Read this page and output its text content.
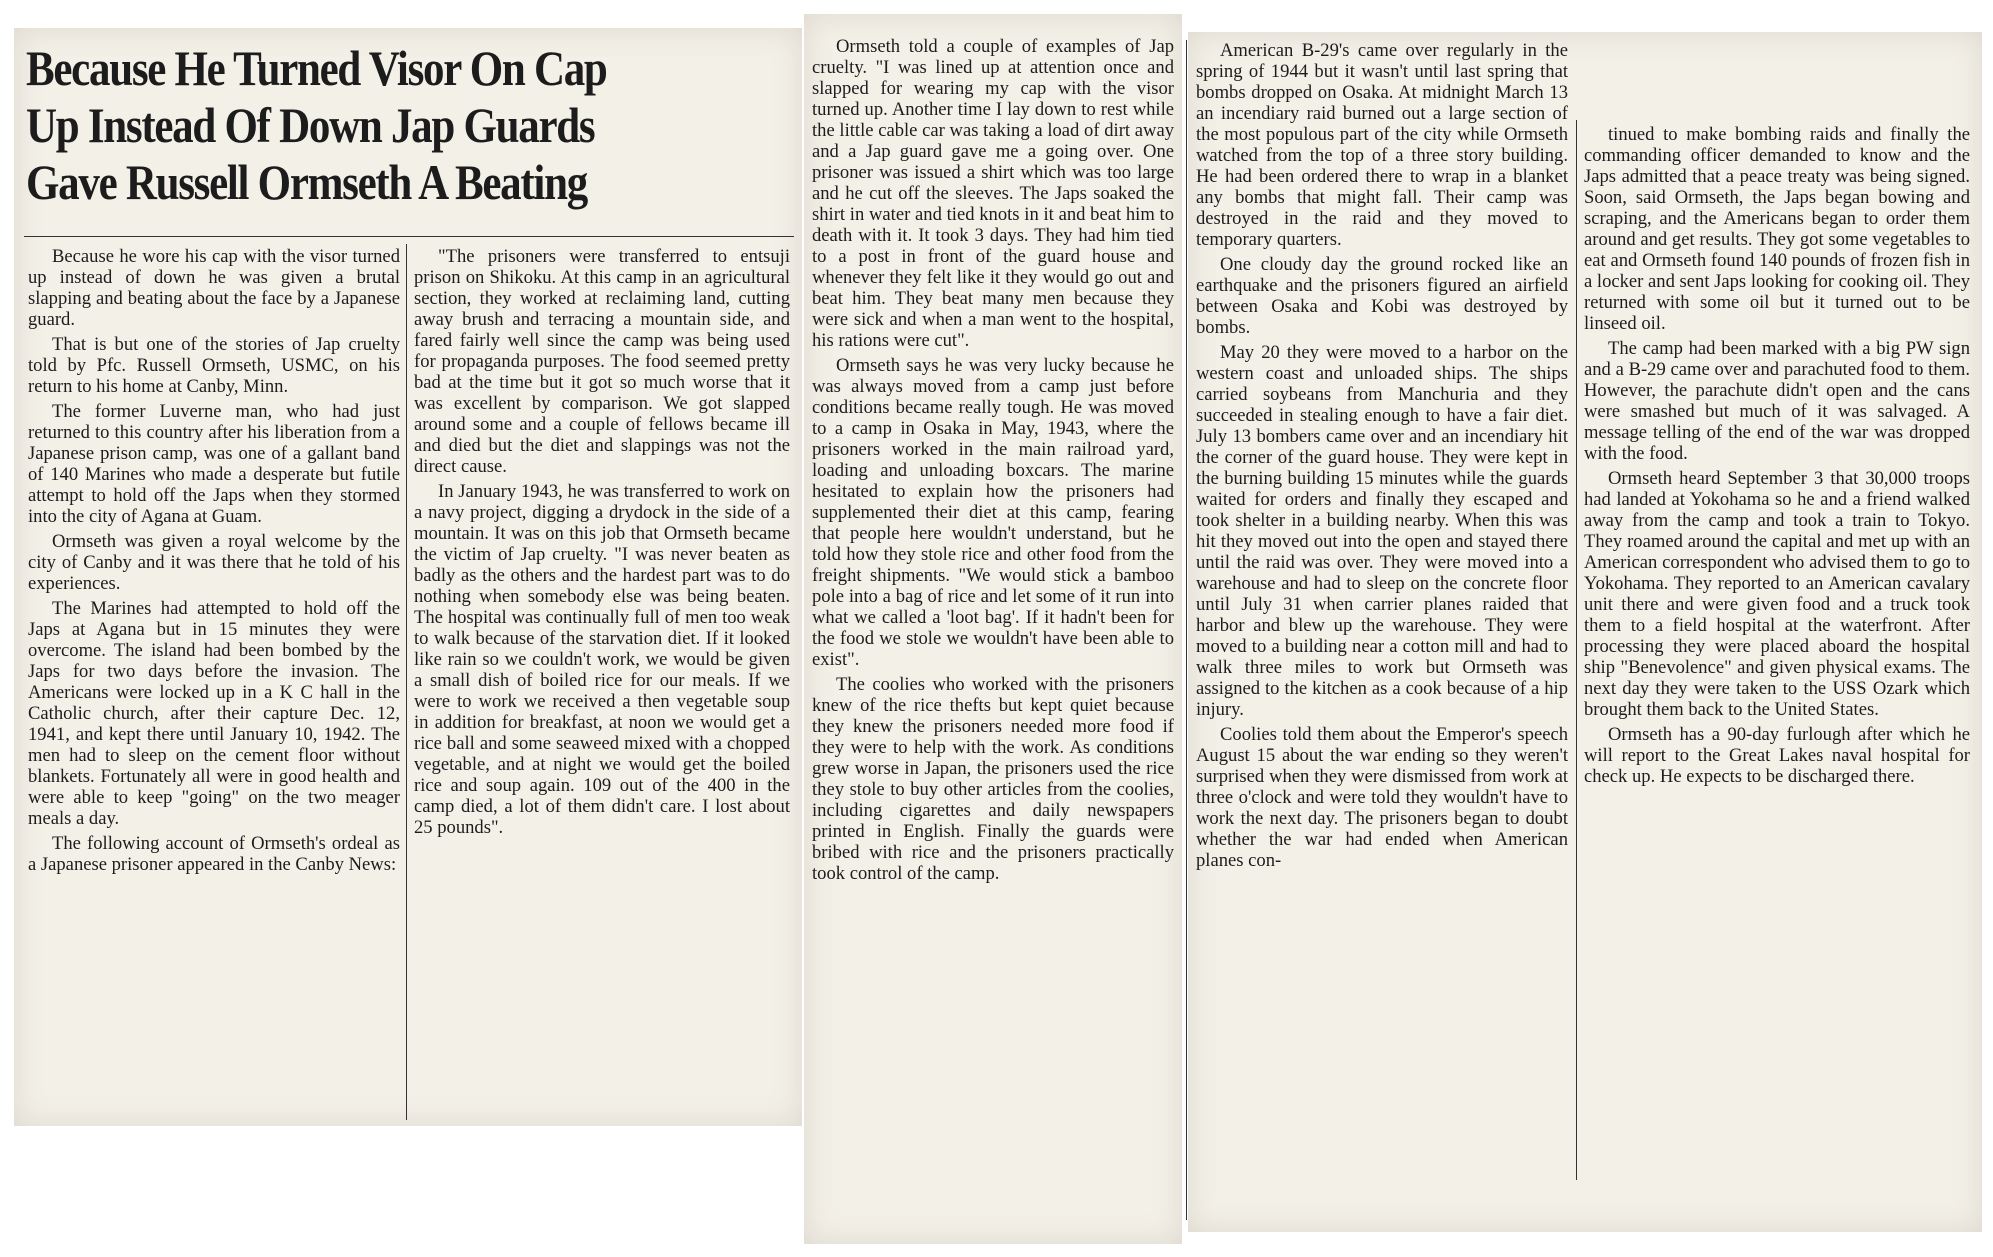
Because He Turned Visor On Cap
Up Instead Of Down Jap Guards
Gave Russell Ormseth A Beating

Because he wore his cap with the visor turned up instead of down he was given a brutal slapping and beating about the face by a Japanese guard.

That is but one of the stories of Jap cruelty told by Pfc. Russell Ormseth, USMC, on his return to his home at Canby, Minn.

The former Luverne man, who had just returned to this country after his liberation from a Japanese prison camp, was one of a gallant band of 140 Marines who made a desperate but futile attempt to hold off the Japs when they stormed into the city of Agana at Guam.

Ormseth was given a royal welcome by the city of Canby and it was there that he told of his experiences.

The Marines had attempted to hold off the Japs at Agana but in 15 minutes they were overcome. The island had been bombed by the Japs for two days before the invasion. The Americans were locked up in a K C hall in the Catholic church, after their capture Dec. 12, 1941, and kept there until January 10, 1942. The men had to sleep on the cement floor without blankets. Fortunately all were in good health and were able to keep "going" on the two meager meals a day.

The following account of Ormseth's ordeal as a Japanese prisoner appeared in the Canby News:

"The prisoners were transferred to entsuji prison on Shikoku. At this camp in an agricultural section, they worked at reclaiming land, cutting away brush and terracing a mountain side, and fared fairly well since the camp was being used for propaganda purposes. The food seemed pretty bad at the time but it got so much worse that it was excellent by comparison. We got slapped around some and a couple of fellows became ill and died but the diet and slappings was not the direct cause.

In January 1943, he was transferred to work on a navy project, digging a drydock in the side of a mountain. It was on this job that Ormseth became the victim of Jap cruelty. "I was never beaten as badly as the others and the hardest part was to do nothing when somebody else was being beaten. The hospital was continually full of men too weak to walk because of the starvation diet. If it looked like rain so we couldn't work, we would be given a small dish of boiled rice for our meals. If we were to work we received a then vegetable soup in addition for breakfast, at noon we would get a rice ball and some seaweed mixed with a chopped vegetable, and at night we would get the boiled rice and soup again. 109 out of the 400 in the camp died, a lot of them didn't care. I lost about 25 pounds".

Ormseth told a couple of examples of Jap cruelty. "I was lined up at attention once and slapped for wearing my cap with the visor turned up. Another time I lay down to rest while the little cable car was taking a load of dirt away and a Jap guard gave me a going over. One prisoner was issued a shirt which was too large and he cut off the sleeves. The Japs soaked the shirt in water and tied knots in it and beat him to death with it. It took 3 days. They had him tied to a post in front of the guard house and whenever they felt like it they would go out and beat him. They beat many men because they were sick and when a man went to the hospital, his rations were cut".

Ormseth says he was very lucky because he was always moved from a camp just before conditions became really tough. He was moved to a camp in Osaka in May, 1943, where the prisoners worked in the main railroad yard, loading and unloading boxcars. The marine hesitated to explain how the prisoners had supplemented their diet at this camp, fearing that people here wouldn't understand, but he told how they stole rice and other food from the freight shipments. "We would stick a bamboo pole into a bag of rice and let some of it run into what we called a 'loot bag'. If it hadn't been for the food we stole we wouldn't have been able to exist".

The coolies who worked with the prisoners knew of the rice thefts but kept quiet because they knew the prisoners needed more food if they were to help with the work. As conditions grew worse in Japan, the prisoners used the rice they stole to buy other articles from the coolies, including cigarettes and daily newspapers printed in English. Finally the guards were bribed with rice and the prisoners practically took control of the camp.

American B-29's came over regularly in the spring of 1944 but it wasn't until last spring that bombs dropped on Osaka. At midnight March 13 an incendiary raid burned out a large section of the most populous part of the city while Ormseth watched from the top of a three story building. He had been ordered there to wrap in a blanket any bombs that might fall. Their camp was destroyed in the raid and they moved to temporary quarters.

One cloudy day the ground rocked like an earthquake and the prisoners figured an airfield between Osaka and Kobi was destroyed by bombs.

May 20 they were moved to a harbor on the western coast and unloaded ships. The ships carried soybeans from Manchuria and they succeeded in stealing enough to have a fair diet. July 13 bombers came over and an incendiary hit the corner of the guard house. They were kept in the burning building 15 minutes while the guards waited for orders and finally they escaped and took shelter in a building nearby. When this was hit they moved out into the open and stayed there until the raid was over. They were moved into a warehouse and had to sleep on the concrete floor until July 31 when carrier planes raided that harbor and blew up the warehouse. They were moved to a building near a cotton mill and had to walk three miles to work but Ormseth was assigned to the kitchen as a cook because of a hip injury.

Coolies told them about the Emperor's speech August 15 about the war ending so they weren't surprised when they were dismissed from work at three o'clock and were told they wouldn't have to work the next day. The prisoners began to doubt whether the war had ended when American planes con-

tinued to make bombing raids and finally the commanding officer demanded to know and the Japs admitted that a peace treaty was being signed. Soon, said Ormseth, the Japs began bowing and scraping, and the Americans began to order them around and get results. They got some vegetables to eat and Ormseth found 140 pounds of frozen fish in a locker and sent Japs looking for cooking oil. They returned with some oil but it turned out to be linseed oil.

The camp had been marked with a big PW sign and a B-29 came over and parachuted food to them. However, the parachute didn't open and the cans were smashed but much of it was salvaged. A message telling of the end of the war was dropped with the food.

Ormseth heard September 3 that 30,000 troops had landed at Yokohama so he and a friend walked away from the camp and took a train to Tokyo. They roamed around the capital and met up with an American correspondent who advised them to go to Yokohama. They reported to an American cavalary unit there and were given food and a truck took them to a field hospital at the waterfront. After processing they were placed aboard the hospital ship "Benevolence" and given physical exams. The next day they were taken to the USS Ozark which brought them back to the United States.

Ormseth has a 90-day furlough after which he will report to the Great Lakes naval hospital for check up. He expects to be discharged there.
